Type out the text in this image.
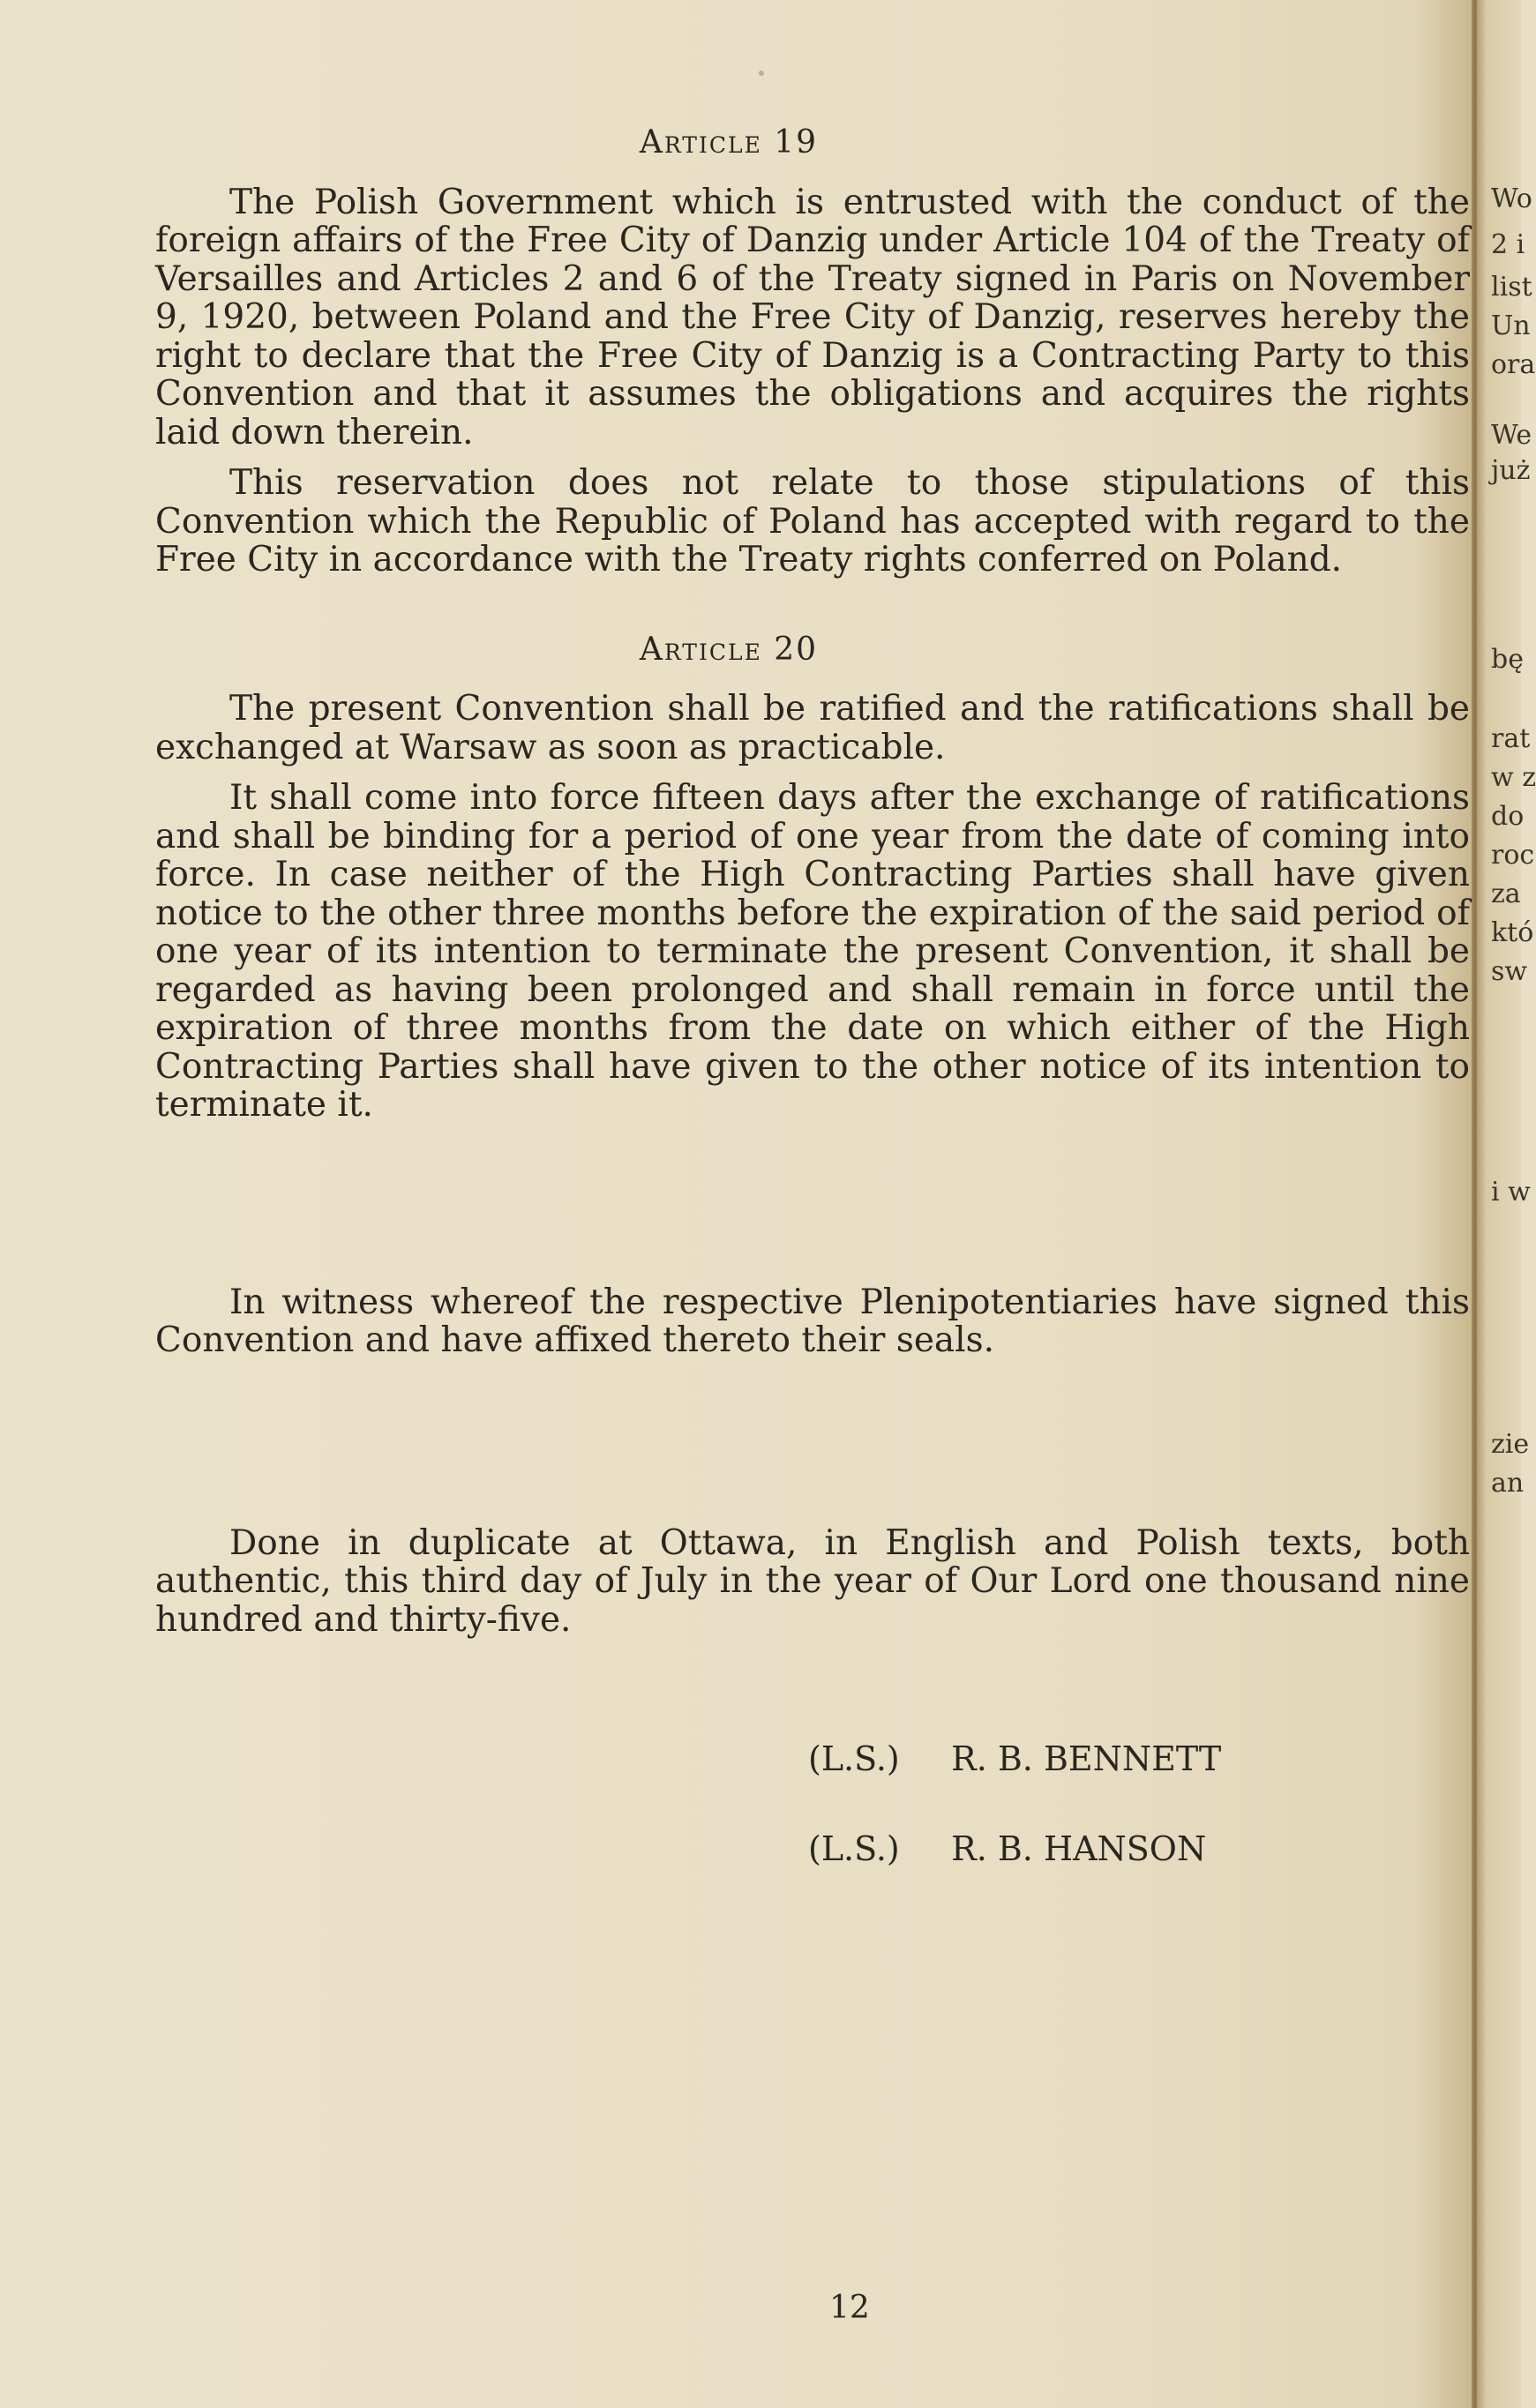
Wo
2 i
list
Un
ora
We
już
bę
rat
w z
do
roc
za
któ
sw
i w
zie
an
Article 19

The Polish Government which is entrusted with the conduct of the foreign affairs of the Free City of Danzig under Article 104 of the Treaty of Versailles and Articles 2 and 6 of the Treaty signed in Paris on November 9, 1920, between Poland and the Free City of Danzig, reserves hereby the right to declare that the Free City of Danzig is a Contracting Party to this Convention and that it assumes the obligations and acquires the rights laid down therein.

This reservation does not relate to those stipulations of this Convention which the Republic of Poland has accepted with regard to the Free City in accordance with the Treaty rights conferred on Poland.

Article 20

The present Convention shall be ratified and the ratifications shall be exchanged at Warsaw as soon as practicable.

It shall come into force fifteen days after the exchange of ratifications and shall be binding for a period of one year from the date of coming into force. In case neither of the High Contracting Parties shall have given notice to the other three months before the expiration of the said period of one year of its intention to terminate the present Convention, it shall be regarded as having been prolonged and shall remain in force until the expiration of three months from the date on which either of the High Contracting Parties shall have given to the other notice of its intention to terminate it.

In witness whereof the respective Plenipotentiaries have signed this Convention and have affixed thereto their seals.

Done in duplicate at Ottawa, in English and Polish texts, both authentic, this third day of July in the year of Our Lord one thousand nine hundred and thirty-five.

(L.S.) R. B. BENNETT
(L.S.) R. B. HANSON
12
